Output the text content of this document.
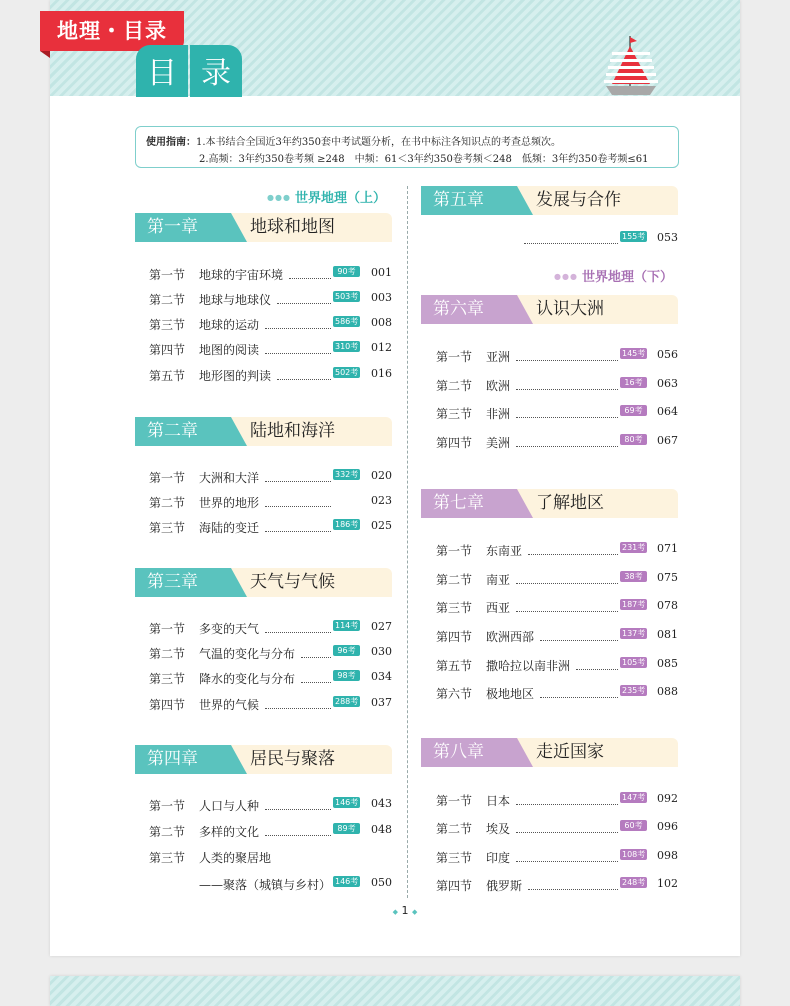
地理・目录
目 录
使用指南：1.本书结合全国近3年约350套中考试题分析，在书中标注各知识点的考查总频次。
2.高频：3年约350卷考频 ≥248　中频：61＜3年约350卷考频＜248　低频：3年约350卷考频≤61
●●● 世界地理（上）
●●● 世界地理（下）
第一章	地球和地图
第一节 地球的宇宙环境	90考	001
第二节 地球与地球仪	503考 003
第三节 地球的运动	586考 008
第四节 地图的阅读	310考 012
第五节 地形图的判读	502考 016
第二章	陆地和海洋
第一节 大洲和大洋	332考 020
第二节 世界的地形	023
第三节 海陆的变迁	186考 025
第三章	天气与气候
第一节 多变的天气	114考 027
第二节 气温的变化与分布	96考	030
第三节 降水的变化与分布	98考	034
第四节 世界的气候	288考 037
第四章	居民与聚落
第一节 人口与人种	146考 043
第二节 多样的文化	89考	048
第三节 人类的聚居地
——聚落（城镇与乡村） 146考 050
第五章	发展与合作
155考 053
第六章	认识大洲
第一节 亚洲	145考 056
第二节 欧洲	16考	063
第三节 非洲	69考	064
第四节 美洲	80考	067
第七章	了解地区
第一节 东南亚	231考 071
第二节 南亚	38考	075
第三节 西亚	187考 078
第四节 欧洲西部	137考 081
第五节 撒哈拉以南非洲	105考 085
第六节 极地地区	235考 088
第八章	走近国家
第一节 日本	147考 092
第二节 埃及	60考	096
第三节 印度	108考 098
第四节 俄罗斯	248考 102
◆ 1 ◆
